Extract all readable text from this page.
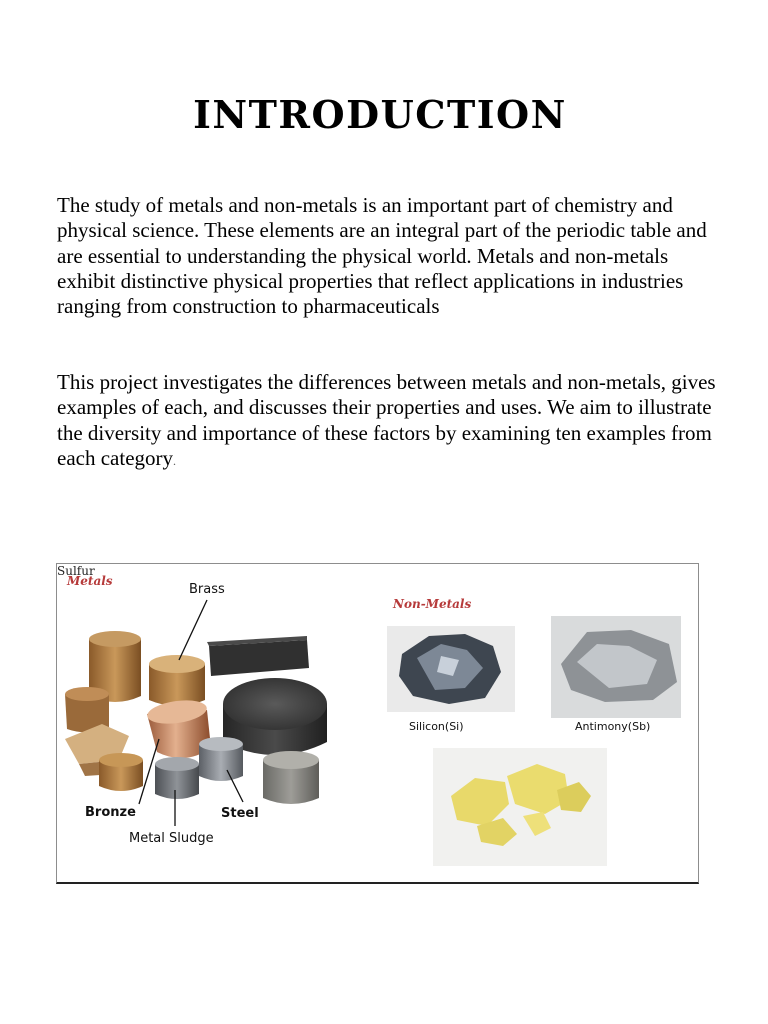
INTRODUCTION

The study of metals and non-metals is an important part of chemistry and physical science. These elements are an integral part of the periodic table and are essential to understanding the physical world. Metals and non-metals exhibit distinctive physical properties that reflect applications in industries ranging from construction to pharmaceuticals

This project investigates the differences between metals and non-metals, gives examples of each, and discusses their properties and uses. We aim to illustrate the diversity and importance of these factors by examining ten examples from each category.

Metals
Brass
Bronze	Steel
Metal Sludge
Non-Metals
Silicon(Si)	Antimony(Sb)
Sulfur
